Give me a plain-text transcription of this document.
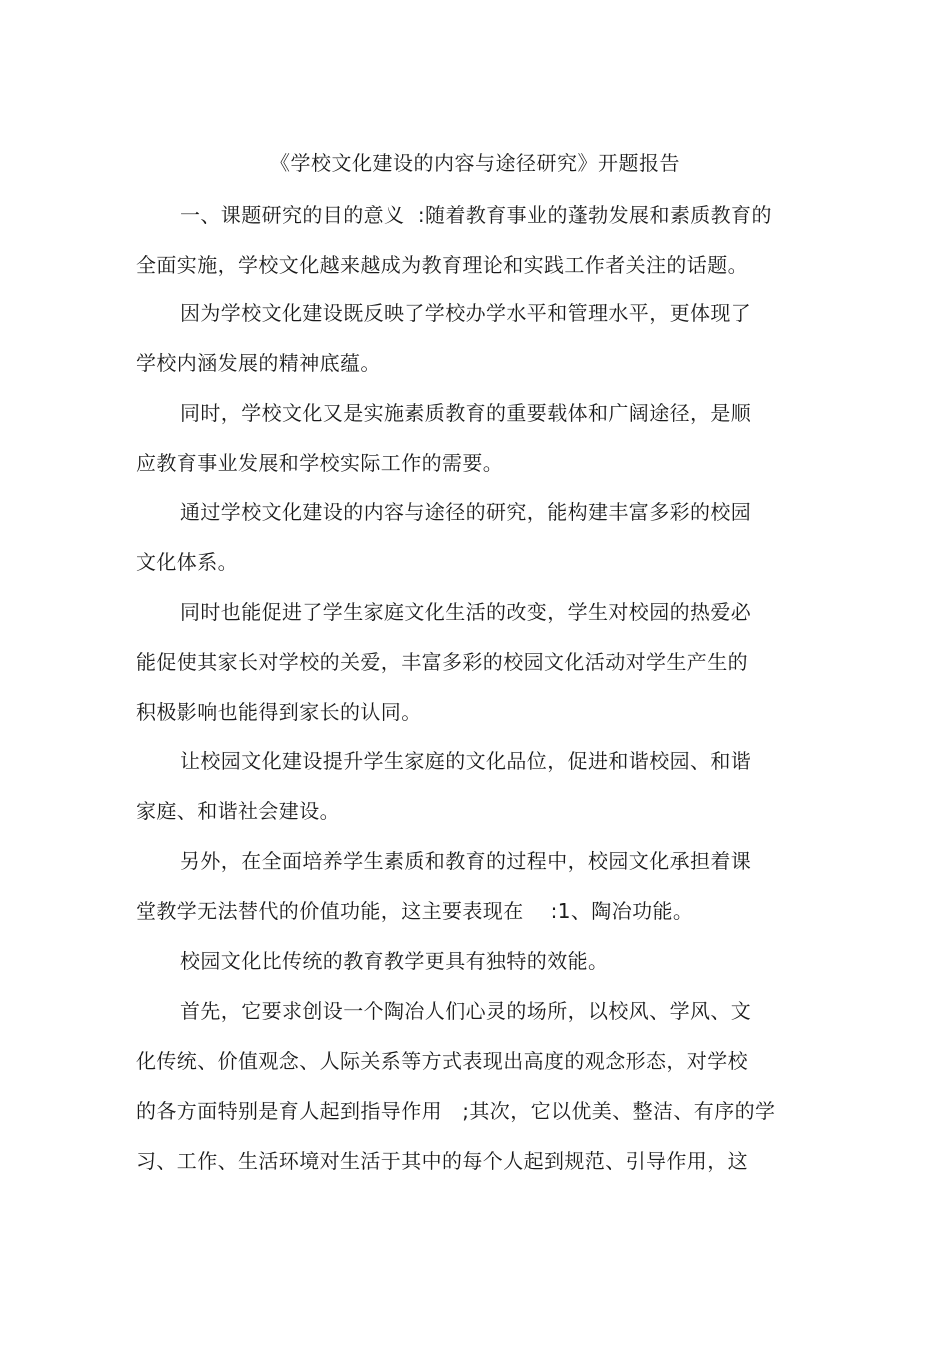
《学校文化建设的内容与途径研究》开题报告
一、课题研究的目的意义  :随着教育事业的蓬勃发展和素质教育的
全面实施，学校文化越来越成为教育理论和实践工作者关注的话题。
因为学校文化建设既反映了学校办学水平和管理水平，更体现了
学校内涵发展的精神底蕴。
同时，学校文化又是实施素质教育的重要载体和广阔途径，是顺
应教育事业发展和学校实际工作的需要。
通过学校文化建设的内容与途径的研究，能构建丰富多彩的校园
文化体系。
同时也能促进了学生家庭文化生活的改变，学生对校园的热爱必
能促使其家长对学校的关爱，丰富多彩的校园文化活动对学生产生的
积极影响也能得到家长的认同。
让校园文化建设提升学生家庭的文化品位，促进和谐校园、和谐
家庭、和谐社会建设。
另外，在全面培养学生素质和教育的过程中，校园文化承担着课
堂教学无法替代的价值功能，这主要表现在    :1、陶冶功能。
校园文化比传统的教育教学更具有独特的效能。
首先，它要求创设一个陶冶人们心灵的场所，以校风、学风、文
化传统、价值观念、人际关系等方式表现出高度的观念形态，对学校
的各方面特别是育人起到指导作用   ;其次，它以优美、整洁、有序的学
习、工作、生活环境对生活于其中的每个人起到规范、引导作用，这
